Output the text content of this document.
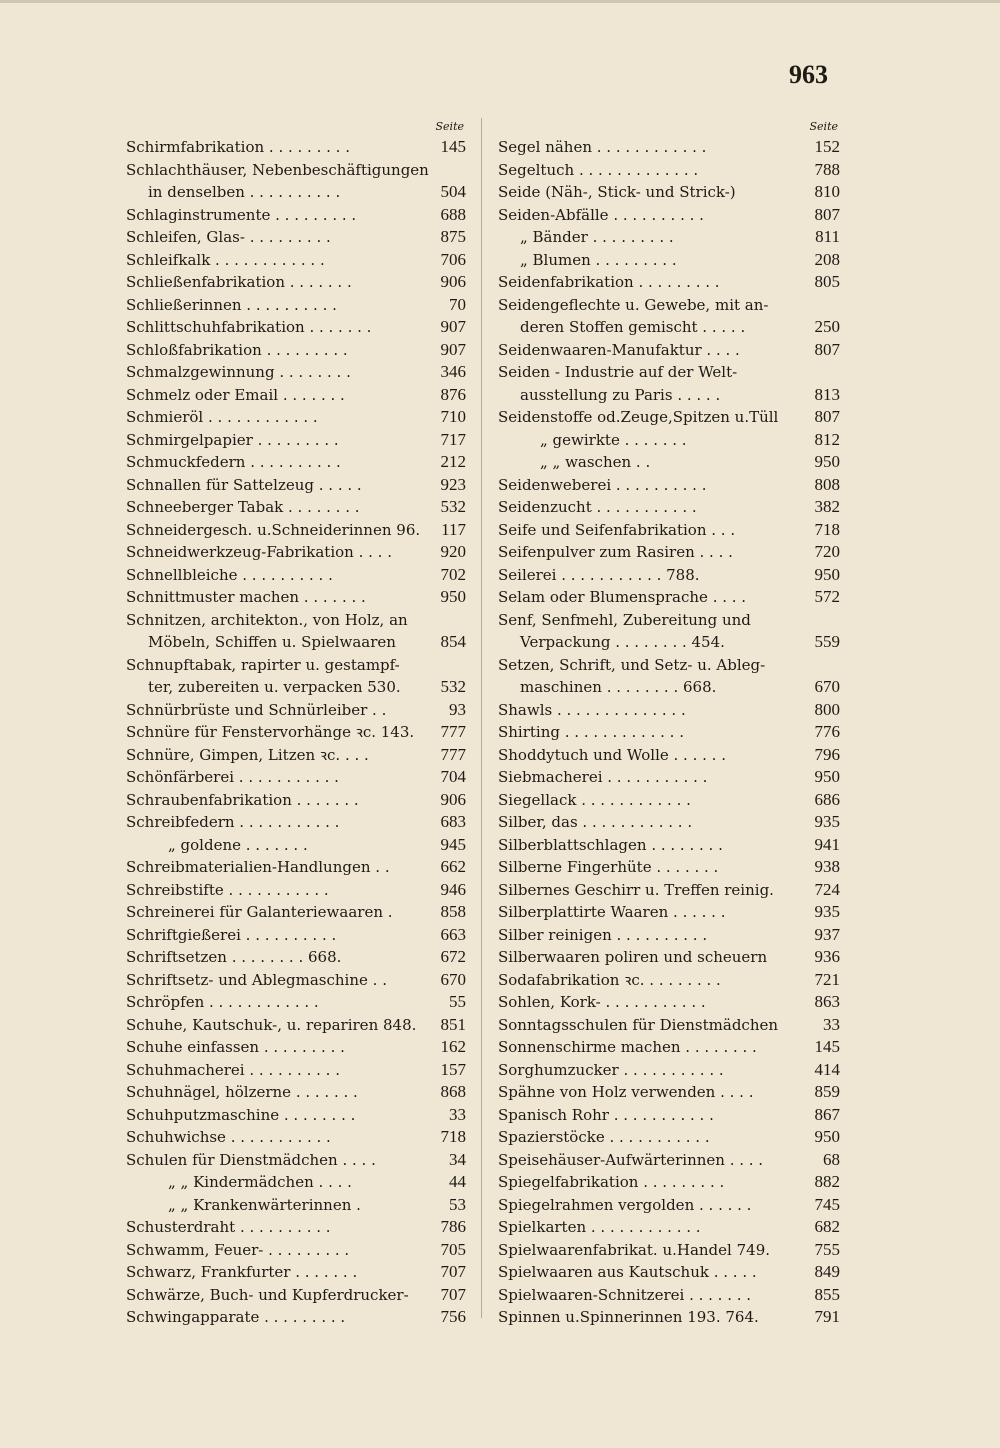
963
Seite
Schirmfabrikation . . . . . . . . .	145
Schlachthäuser, Nebenbeschäftigungen
in denselben . . . . . . . . . .	504
Schlaginstrumente . . . . . . . . .	688
Schleifen, Glas- . . . . . . . . .	875
Schleifkalk . . . . . . . . . . . .	706
Schließenfabrikation . . . . . . .	906
Schließerinnen . . . . . . . . . .	70
Schlittschuhfabrikation . . . . . . .	907
Schloßfabrikation . . . . . . . . .	907
Schmalzgewinnung . . . . . . . .	346
Schmelz oder Email . . . . . . .	876
Schmieröl . . . . . . . . . . . .	710
Schmirgelpapier . . . . . . . . .	717
Schmuckfedern . . . . . . . . . .	212
Schnallen für Sattelzeug . . . . .	923
Schneeberger Tabak . . . . . . . .	532
Schneidergesch. u.Schneiderinnen 96. 117
Schneidwerkzeug-Fabrikation . . . .	920
Schnellbleiche . . . . . . . . . .	702
Schnittmuster machen . . . . . . .	950
Schnitzen, architekton., von Holz, an
Möbeln, Schiffen u. Spielwaaren	854
Schnupftabak, rapirter u. gestampf-
ter, zubereiten u. verpacken 530. 532
Schnürbrüste und Schnürleiber . .	93
Schnüre für Fenstervorhänge ꝛc. 143. 777
Schnüre, Gimpen, Litzen ꝛc. . . .	777
Schönfärberei . . . . . . . . . . .	704
Schraubenfabrikation . . . . . . .	906
Schreibfedern . . . . . . . . . . .	683
„ goldene . . . . . . .	945
Schreibmaterialien-Handlungen . .	662
Schreibstifte . . . . . . . . . . .	946
Schreinerei für Galanteriewaaren .	858
Schriftgießerei . . . . . . . . . .	663
Schriftsetzen . . . . . . . . 668.	672
Schriftsetz- und Ablegmaschine . .	670
Schröpfen . . . . . . . . . . . .	55
Schuhe, Kautschuk-, u. repariren 848. 851
Schuhe einfassen . . . . . . . . .	162
Schuhmacherei . . . . . . . . . .	157
Schuhnägel, hölzerne . . . . . . .	868
Schuhputzmaschine . . . . . . . .	33
Schuhwichse . . . . . . . . . . .	718
Schulen für Dienstmädchen . . . .	34
„ „ Kindermädchen . . . .	44
„ „ Krankenwärterinnen .	53
Schusterdraht . . . . . . . . . .	786
Schwamm, Feuer- . . . . . . . . .	705
Schwarz, Frankfurter . . . . . . .	707
Schwärze, Buch- und Kupferdrucker- 707
Schwingapparate . . . . . . . . .	756
Seite
Segel nähen . . . . . . . . . . . .	152
Segeltuch . . . . . . . . . . . . .	788
Seide (Näh-, Stick- und Strick-)	810
Seiden-Abfälle . . . . . . . . . .	807
„ Bänder . . . . . . . . .	811
„ Blumen . . . . . . . . .	208
Seidenfabrikation . . . . . . . . .	805
Seidengeflechte u. Gewebe, mit an-
deren Stoffen gemischt . . . . .	250
Seidenwaaren-Manufaktur . . . .	807
Seiden - Industrie auf der Welt-
ausstellung zu Paris . . . . .	813
Seidenstoffe od.Zeuge,Spitzen u.Tüll 807
„ gewirkte . . . . . . .	812
„ „ waschen . .	950
Seidenweberei . . . . . . . . . .	808
Seidenzucht . . . . . . . . . . .	382
Seife und Seifenfabrikation . . .	718
Seifenpulver zum Rasiren . . . .	720
Seilerei . . . . . . . . . . . 788.	950
Selam oder Blumensprache . . . .	572
Senf, Senfmehl, Zubereitung und
Verpackung . . . . . . . . 454.	559
Setzen, Schrift, und Setz- u. Ableg-
maschinen . . . . . . . . 668.	670
Shawls . . . . . . . . . . . . . .	800
Shirting . . . . . . . . . . . . .	776
Shoddytuch und Wolle . . . . . .	796
Siebmacherei . . . . . . . . . . .	950
Siegellack . . . . . . . . . . . .	686
Silber, das . . . . . . . . . . . .	935
Silberblattschlagen . . . . . . . .	941
Silberne Fingerhüte . . . . . . .	938
Silbernes Geschirr u. Treffen reinig. 724
Silberplattirte Waaren . . . . . .	935
Silber reinigen . . . . . . . . . .	937
Silberwaaren poliren und scheuern	936
Sodafabrikation ꝛc. . . . . . . . .	721
Sohlen, Kork- . . . . . . . . . . .	863
Sonntagsschulen für Dienstmädchen	33
Sonnenschirme machen . . . . . . . .	145
Sorghumzucker . . . . . . . . . . .	414
Spähne von Holz verwenden . . . .	859
Spanisch Rohr . . . . . . . . . . .	867
Spazierstöcke . . . . . . . . . . .	950
Speisehäuser-Aufwärterinnen . . . .	68
Spiegelfabrikation . . . . . . . . .	882
Spiegelrahmen vergolden . . . . . .	745
Spielkarten . . . . . . . . . . . .	682
Spielwaarenfabrikat. u.Handel 749.	755
Spielwaaren aus Kautschuk . . . . .	849
Spielwaaren-Schnitzerei . . . . . . .	855
Spinnen u.Spinnerinnen 193. 764.	791
